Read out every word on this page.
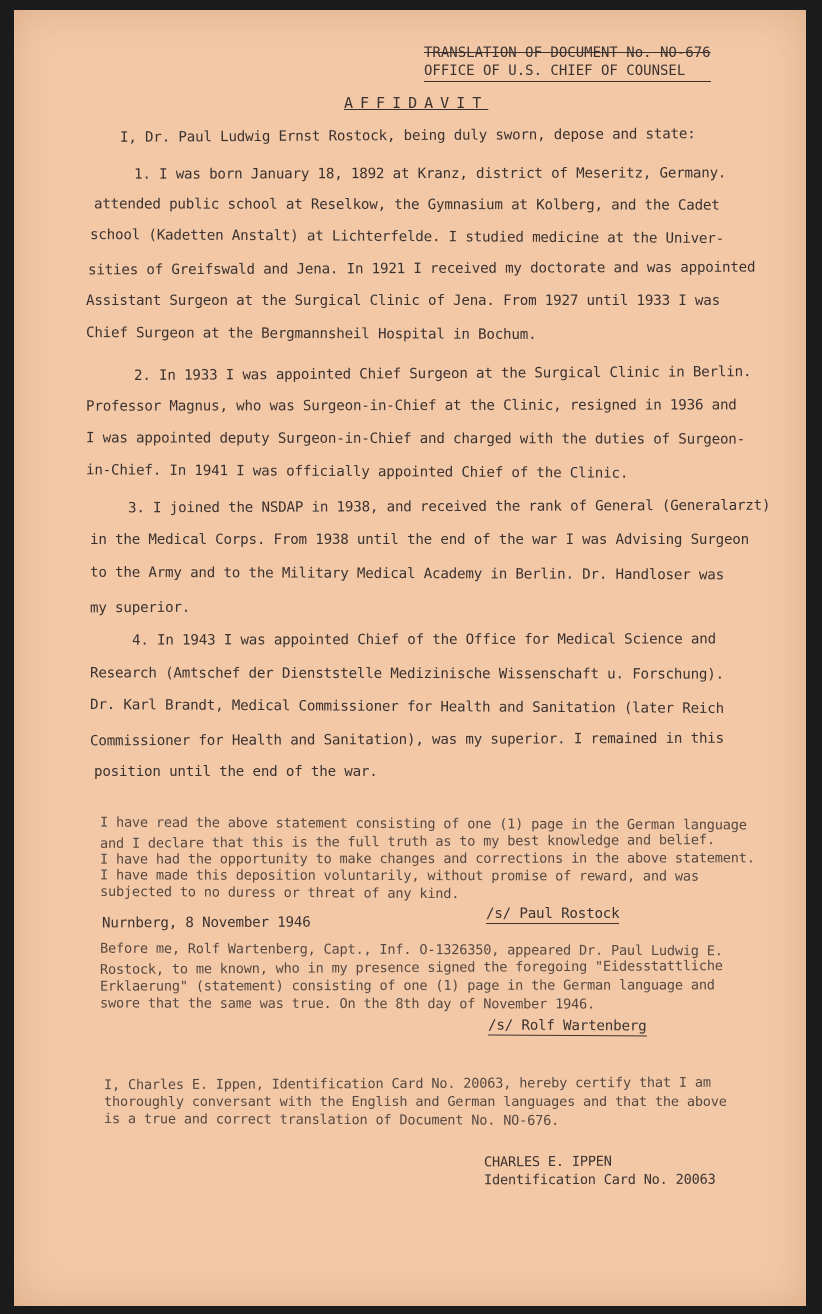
TRANSLATION OF DOCUMENT No. NO-676
OFFICE OF U.S. CHIEF OF COUNSEL
AFFIDAVIT
I, Dr. Paul Ludwig Ernst Rostock, being duly sworn, depose and state:
1. I was born January 18, 1892 at Kranz, district of Meseritz, Germany.
attended public school at Reselkow, the Gymnasium at Kolberg, and the Cadet
school (Kadetten Anstalt) at Lichterfelde. I studied medicine at the Univer-
sities of Greifswald and Jena. In 1921 I received my doctorate and was appointed
Assistant Surgeon at the Surgical Clinic of Jena. From 1927 until 1933 I was
Chief Surgeon at the Bergmannsheil Hospital in Bochum.
2. In 1933 I was appointed Chief Surgeon at the Surgical Clinic in Berlin.
Professor Magnus, who was Surgeon-in-Chief at the Clinic, resigned in 1936 and
I was appointed deputy Surgeon-in-Chief and charged with the duties of Surgeon-
in-Chief. In 1941 I was officially appointed Chief of the Clinic.
3. I joined the NSDAP in 1938, and received the rank of General (Generalarzt)
in the Medical Corps. From 1938 until the end of the war I was Advising Surgeon
to the Army and to the Military Medical Academy in Berlin. Dr. Handloser was
my superior.
4. In 1943 I was appointed Chief of the Office for Medical Science and
Research (Amtschef der Dienststelle Medizinische Wissenschaft u. Forschung).
Dr. Karl Brandt, Medical Commissioner for Health and Sanitation (later Reich
Commissioner for Health and Sanitation), was my superior. I remained in this
position until the end of the war.
I have read the above statement consisting of one (1) page in the German language
and I declare that this is the full truth as to my best knowledge and belief.
I have had the opportunity to make changes and corrections in the above statement.
I have made this deposition voluntarily, without promise of reward, and was
subjected to no duress or threat of any kind.
Nurnberg, 8 November 1946
/s/ Paul Rostock
Before me, Rolf Wartenberg, Capt., Inf. O-1326350, appeared Dr. Paul Ludwig E.
Rostock, to me known, who in my presence signed the foregoing "Eidesstattliche
Erklaerung" (statement) consisting of one (1) page in the German language and
swore that the same was true. On the 8th day of November 1946.
/s/ Rolf Wartenberg
I, Charles E. Ippen, Identification Card No. 20063, hereby certify that I am
thoroughly conversant with the English and German languages and that the above
is a true and correct translation of Document No. NO-676.
CHARLES E. IPPEN
Identification Card No. 20063
